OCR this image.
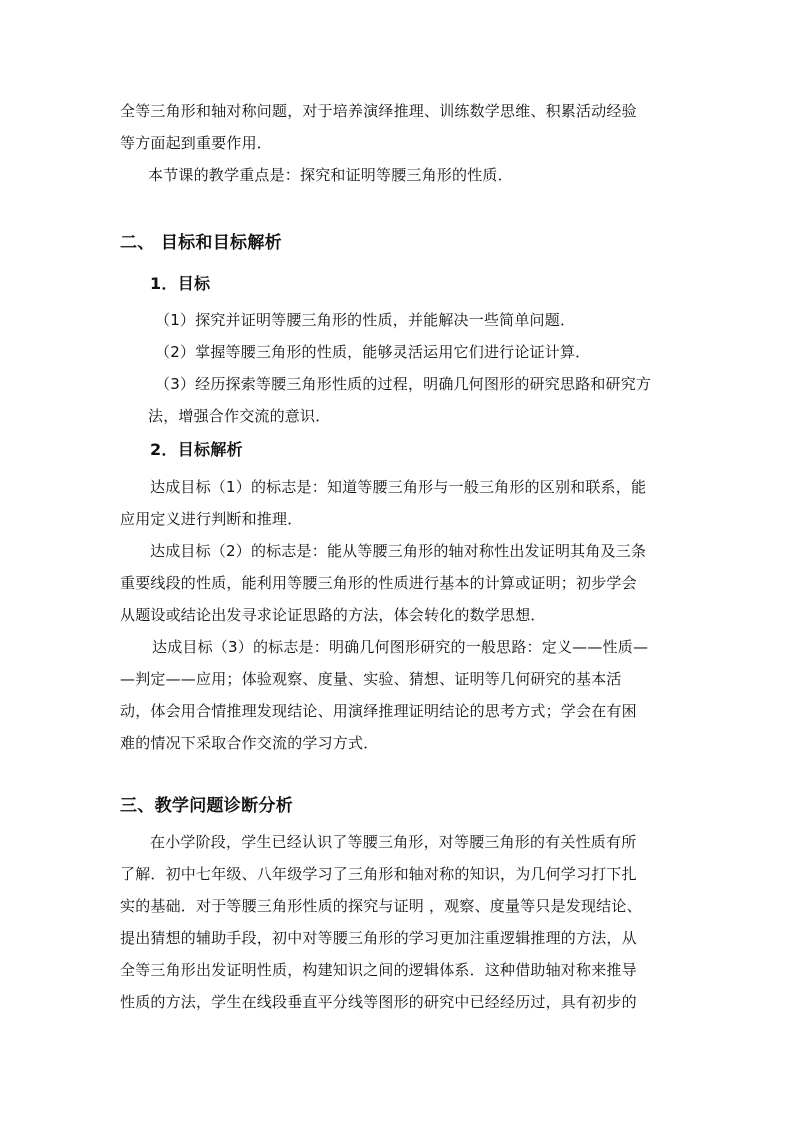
全等三角形和轴对称问题，对于培养演绎推理、训练数学思维、积累活动经验
等方面起到重要作用．
本节课的教学重点是：探究和证明等腰三角形的性质．
二、 目标和目标解析
1．目标
（1）探究并证明等腰三角形的性质，并能解决一些简单问题．
（2）掌握等腰三角形的性质，能够灵活运用它们进行论证计算．
（3）经历探索等腰三角形性质的过程，明确几何图形的研究思路和研究方
法，增强合作交流的意识．
2．目标解析
达成目标（1）的标志是：知道等腰三角形与一般三角形的区别和联系，能
应用定义进行判断和推理．
达成目标（2）的标志是：能从等腰三角形的轴对称性出发证明其角及三条
重要线段的性质，能利用等腰三角形的性质进行基本的计算或证明；初步学会
从题设或结论出发寻求论证思路的方法，体会转化的数学思想．
达成目标（3）的标志是：明确几何图形研究的一般思路：定义——性质—
—判定——应用；体验观察、度量、实验、猜想、证明等几何研究的基本活
动，体会用合情推理发现结论、用演绎推理证明结论的思考方式；学会在有困
难的情况下采取合作交流的学习方式．
三、教学问题诊断分析
在小学阶段，学生已经认识了等腰三角形，对等腰三角形的有关性质有所
了解．初中七年级、八年级学习了三角形和轴对称的知识，为几何学习打下扎
实的基础．对于等腰三角形性质的探究与证明 ，观察、度量等只是发现结论、
提出猜想的辅助手段，初中对等腰三角形的学习更加注重逻辑推理的方法，从
全等三角形出发证明性质，构建知识之间的逻辑体系．这种借助轴对称来推导
性质的方法，学生在线段垂直平分线等图形的研究中已经经历过，具有初步的
